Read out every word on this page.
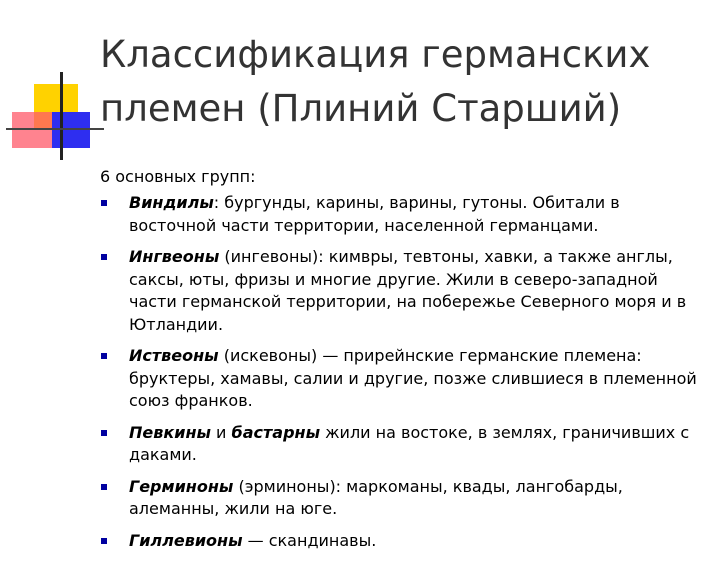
Классификация германских
племен (Плиний Старший)
6 основных групп:
Виндилы: бургунды, карины, варины, гутоны. Обитали в восточной части территории, населенной германцами.
Ингвеоны (ингевоны): кимвры, тевтоны, хавки, а также англы, саксы, юты, фризы и многие другие. Жили в северо-западной части германской территории, на побережье Северного моря и в Ютландии.
Иствеоны (искевоны) — прирейнские германские племена: бруктеры, хамавы, салии и другие, позже слившиеся в племенной союз франков.
Певкины и бастарны жили на востоке, в землях, граничивших с даками.
Герминоны (эрминоны): маркоманы, квады, лангобарды, алеманны, жили на юге.
Гиллевионы — скандинавы.
